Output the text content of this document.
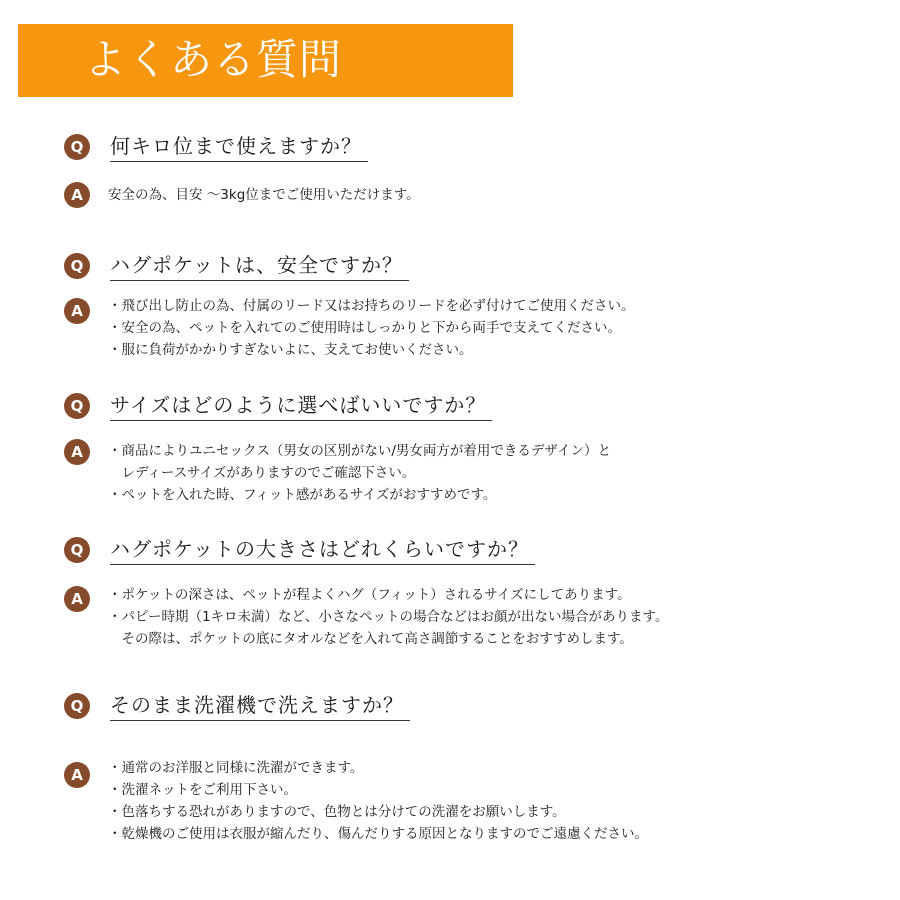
よくある質問
Q	何キロ位まで使えますか？
A	安全の為、目安 〜3kg位までご使用いただけます。
Q	ハグポケットは、安全ですか？
A	・飛び出し防止の為、付属のリード又はお持ちのリードを必ず付けてご使用ください。
・安全の為、ペットを入れてのご使用時はしっかりと下から両手で支えてください。
・服に負荷がかかりすぎないよに、支えてお使いください。
Q	サイズはどのように選べばいいですか？
A	・商品によりユニセックス（男女の区別がない/男女両方が着用できるデザイン）と
　レディースサイズがありますのでご確認下さい。
・ペットを入れた時、フィット感があるサイズがおすすめです。
Q	ハグポケットの大きさはどれくらいですか？
A	・ポケットの深さは、ペットが程よくハグ（フィット）されるサイズにしてあります。
・パピー時期（1キロ未満）など、小さなペットの場合などはお顔が出ない場合があります。
　その際は、ポケットの底にタオルなどを入れて高さ調節することをおすすめします。
Q	そのまま洗濯機で洗えますか？
A	・通常のお洋服と同様に洗濯ができます。
・洗濯ネットをご利用下さい。
・色落ちする恐れがありますので、色物とは分けての洗濯をお願いします。
・乾燥機のご使用は衣服が縮んだり、傷んだりする原因となりますのでご遠慮ください。
